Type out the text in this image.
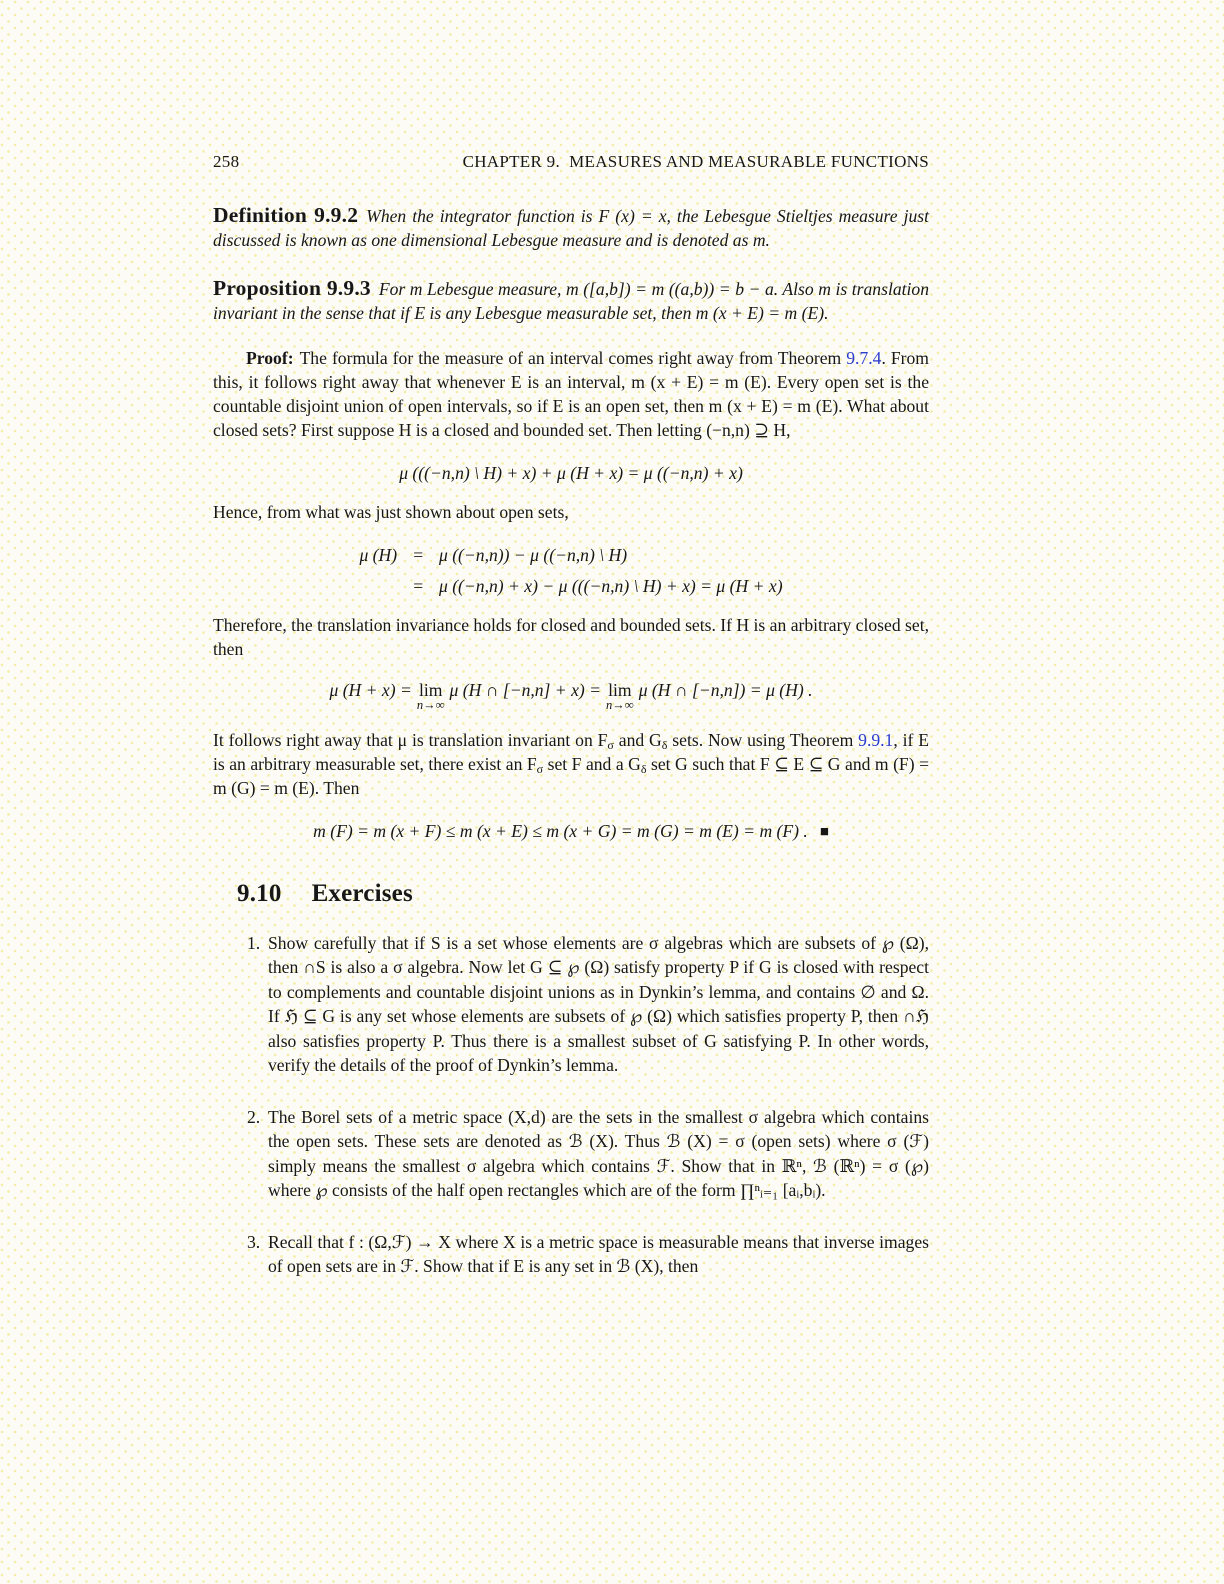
258	CHAPTER 9.  MEASURES AND MEASURABLE FUNCTIONS

Definition 9.9.2 When the integrator function is F (x) = x, the Lebesgue Stieltjes measure just discussed is known as one dimensional Lebesgue measure and is denoted as m.

Proposition 9.9.3 For m Lebesgue measure, m ([a,b]) = m ((a,b)) = b − a. Also m is translation invariant in the sense that if E is any Lebesgue measurable set, then m (x + E) = m (E).

Proof: The formula for the measure of an interval comes right away from Theorem 9.7.4. From this, it follows right away that whenever E is an interval, m (x + E) = m (E). Every open set is the countable disjoint union of open intervals, so if E is an open set, then m (x + E) = m (E). What about closed sets? First suppose H is a closed and bounded set. Then letting (−n,n) ⊇ H,

μ (((−n,n) \ H) + x) + μ (H + x) = μ ((−n,n) + x)

Hence, from what was just shown about open sets,

μ (H) = μ ((−n,n)) − μ ((−n,n) \ H)
= μ ((−n,n) + x) − μ (((−n,n) \ H) + x) = μ (H + x)

Therefore, the translation invariance holds for closed and bounded sets. If H is an arbitrary closed set, then

μ (H + x) = lim
n→∞
μ (H ∩ [−n,n] + x) = lim
n→∞
μ (H ∩ [−n,n]) = μ (H) .

It follows right away that μ is translation invariant on $F_\sigma$ and $G_\delta$ sets. Now using Theorem 9.9.1, if E is an arbitrary measurable set, there exist an $F_\sigma$ set F and a $G_\delta$ set G such that F ⊆ E ⊆ G and m (F) = m (G) = m (E). Then

m (F) = m (x + F) ≤ m (x + E) ≤ m (x + G) = m (G) = m (E) = m (F) . ■
9.10 Exercises
1. Show carefully that if S is a set whose elements are σ algebras which are subsets of ℘ (Ω), then ∩S is also a σ algebra. Now let G ⊆ ℘ (Ω) satisfy property P if G is closed with respect to complements and countable disjoint unions as in Dynkin’s lemma, and contains ∅ and Ω. If ℌ ⊆ G is any set whose elements are subsets of ℘ (Ω) which satisfies property P, then ∩ℌ also satisfies property P. Thus there is a smallest subset of G satisfying P. In other words, verify the details of the proof of Dynkin’s lemma.
2. The Borel sets of a metric space (X,d) are the sets in the smallest σ algebra which contains the open sets. These sets are denoted as ℬ (X). Thus ℬ (X) = σ (open sets) where σ (ℱ) simply means the smallest σ algebra which contains ℱ. Show that in ℝⁿ, ℬ (ℝⁿ) = σ (℘) where ℘ consists of the half open rectangles which are of the form ∏ⁿᵢ₌₁ [aᵢ,bᵢ).
3. Recall that f : (Ω,ℱ) → X where X is a metric space is measurable means that inverse images of open sets are in ℱ. Show that if E is any set in ℬ (X), then
